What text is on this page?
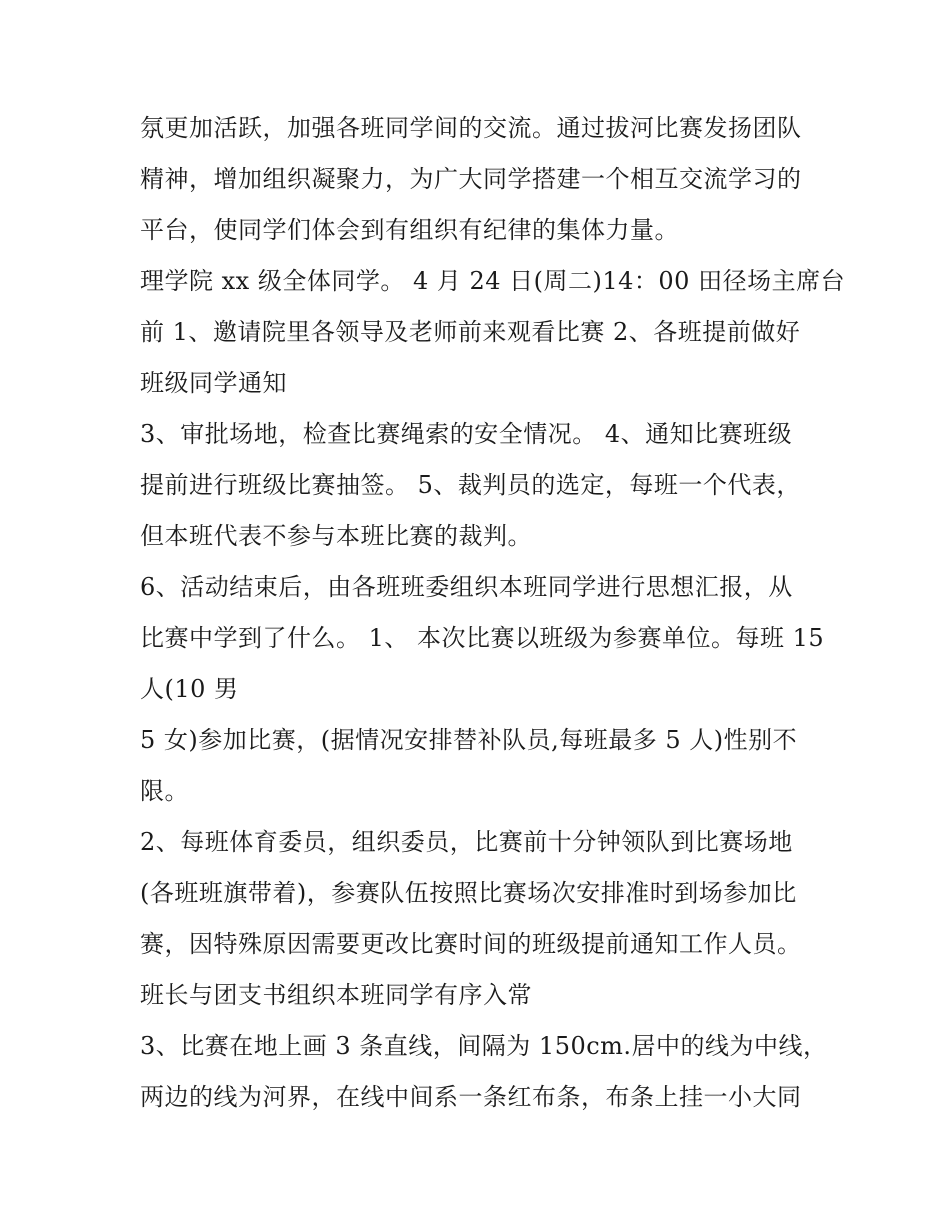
氛更加活跃，加强各班同学间的交流。通过拔河比赛发扬团队
精神，增加组织凝聚力，为广大同学搭建一个相互交流学习的
平台，使同学们体会到有组织有纪律的集体力量。
理学院 xx 级全体同学。 4 月 24 日(周二)14：00 田径场主席台
前 1、邀请院里各领导及老师前来观看比赛 2、各班提前做好
班级同学通知
3、审批场地，检查比赛绳索的安全情况。 4、通知比赛班级
提前进行班级比赛抽签。 5、裁判员的选定，每班一个代表，
但本班代表不参与本班比赛的裁判。
6、活动结束后，由各班班委组织本班同学进行思想汇报，从
比赛中学到了什么。 1、 本次比赛以班级为参赛单位。每班 15
人(10 男
5 女)参加比赛，(据情况安排替补队员,每班最多 5 人)性别不
限。
2、每班体育委员，组织委员，比赛前十分钟领队到比赛场地
(各班班旗带着)，参赛队伍按照比赛场次安排准时到场参加比
赛，因特殊原因需要更改比赛时间的班级提前通知工作人员。
班长与团支书组织本班同学有序入常
3、比赛在地上画 3 条直线，间隔为 150cm.居中的线为中线，
两边的线为河界，在线中间系一条红布条，布条上挂一小大同
